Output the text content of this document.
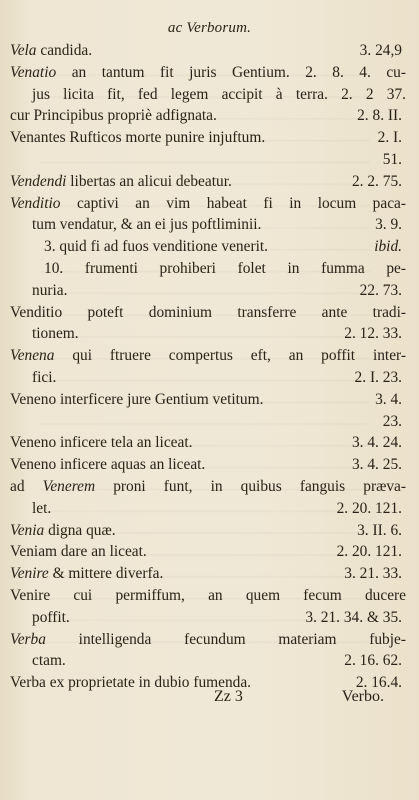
ac Verborum.
Vela candida.	3. 24,9
Venatio an tantum fit juris Gentium. 2. 8. 4. cu-
jus licita fit, fed legem accipit à terra. 2. 2 37.
cur Principibus propriè adfignata.	2. 8. II.
Venantes Rufticos morte punire injuftum.	2. I.
51.
Vendendi libertas an alicui debeatur.	2. 2. 75.
Venditio captivi an vim habeat fi in locum paca-
tum vendatur, & an ei jus poftliminii.	3. 9.
3. quid fi ad fuos venditione venerit.	ibid.
10. frumenti prohiberi folet in fumma pe-
nuria.	22. 73.
Venditio poteft dominium transferre ante tradi-
tionem.	2. 12. 33.
Venena qui ftruere compertus eft, an poffit inter-
fici.	2. I. 23.
Veneno interficere jure Gentium vetitum.	3. 4.
23.
Veneno inficere tela an liceat.	3. 4. 24.
Veneno inficere aquas an liceat.	3. 4. 25.
ad Venerem proni funt, in quibus fanguis præva-
let.	2. 20. 121.
Venia digna quæ.	3. II. 6.
Veniam dare an liceat.	2. 20. 121.
Venire & mittere diverfa.	3. 21. 33.
Venire cui permiffum, an quem fecum ducere
poffit.	3. 21. 34. & 35.
Verba intelligenda fecundum materiam fubje-
ctam.	2. 16. 62.
Verba ex proprietate in dubio fumenda.	2. 16.4.
Zz 3	Verbo.
